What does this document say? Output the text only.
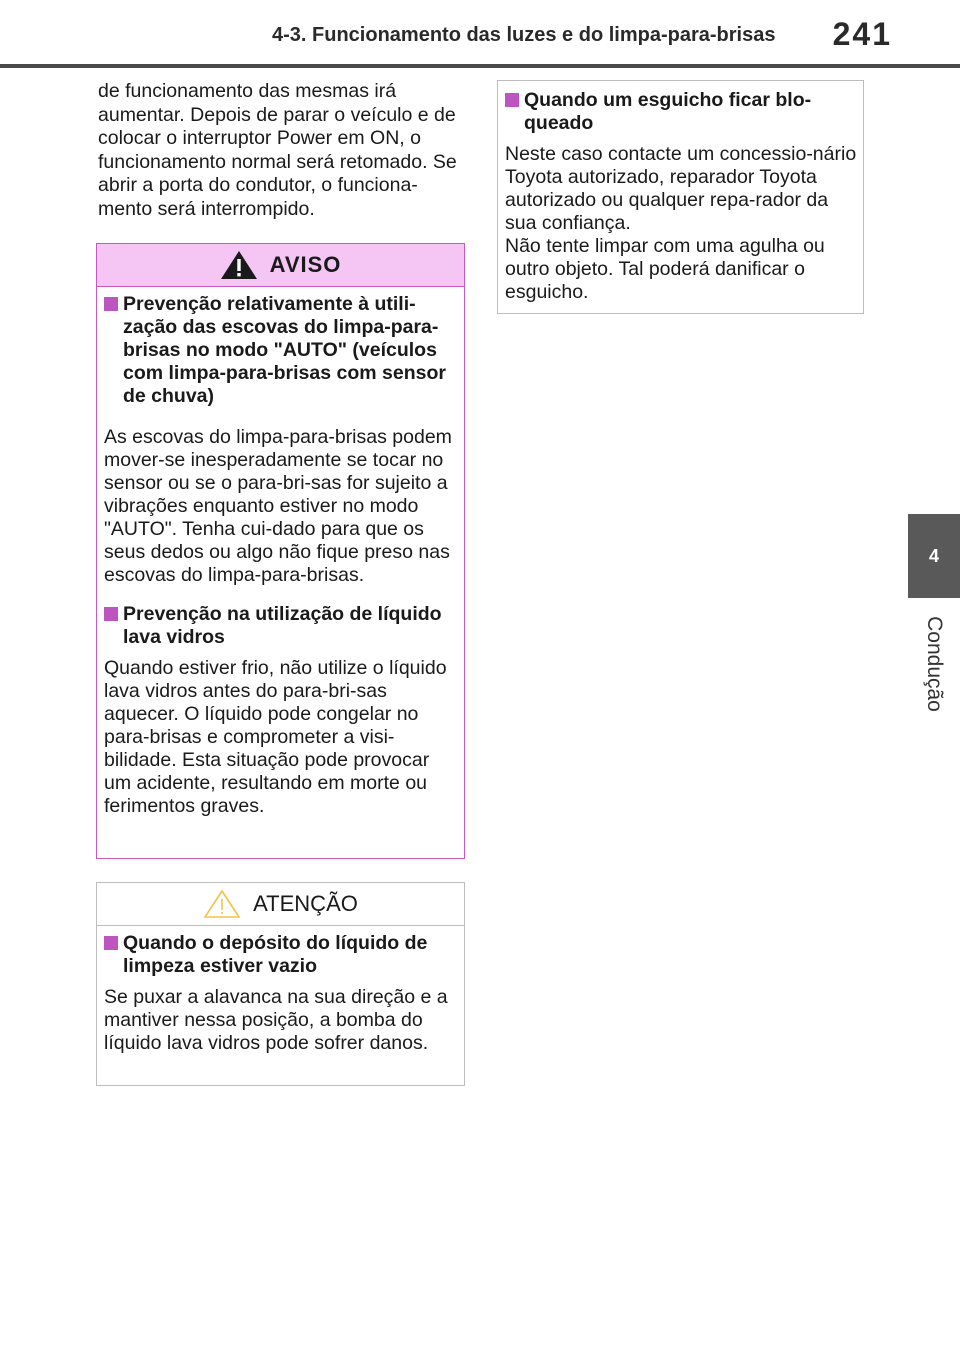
4-3. Funcionamento das luzes e do limpa-para-brisas	241
4
Condução

de funcionamento das mesmas irá aumentar. Depois de parar o veículo e de colocar o interruptor Power em ON, o funcionamento normal será retomado. Se abrir a porta do condutor, o funciona-mento será interrompido.

AVISO

Prevenção relativamente à utili-zação das escovas do limpa-para-brisas no modo "AUTO" (veículos com limpa-para-brisas com sensor de chuva)

As escovas do limpa-para-brisas podem mover-se inesperadamente se tocar no sensor ou se o para-bri-sas for sujeito a vibrações enquanto estiver no modo "AUTO". Tenha cui-dado para que os seus dedos ou algo não fique preso nas escovas do limpa-para-brisas.

Prevenção na utilização de líquido lava vidros

Quando estiver frio, não utilize o líquido lava vidros antes do para-bri-sas aquecer. O líquido pode congelar no para-brisas e comprometer a visi-bilidade. Esta situação pode provocar um acidente, resultando em morte ou ferimentos graves.

ATENÇÃO

Quando o depósito do líquido de limpeza estiver vazio

Se puxar a alavanca na sua direção e a mantiver nessa posição, a bomba do líquido lava vidros pode sofrer danos.

Quando um esguicho ficar blo-queado

Neste caso contacte um concessio-nário Toyota autorizado, reparador Toyota autorizado ou qualquer repa-rador da sua confiança.

Não tente limpar com uma agulha ou outro objeto. Tal poderá danificar o esguicho.
